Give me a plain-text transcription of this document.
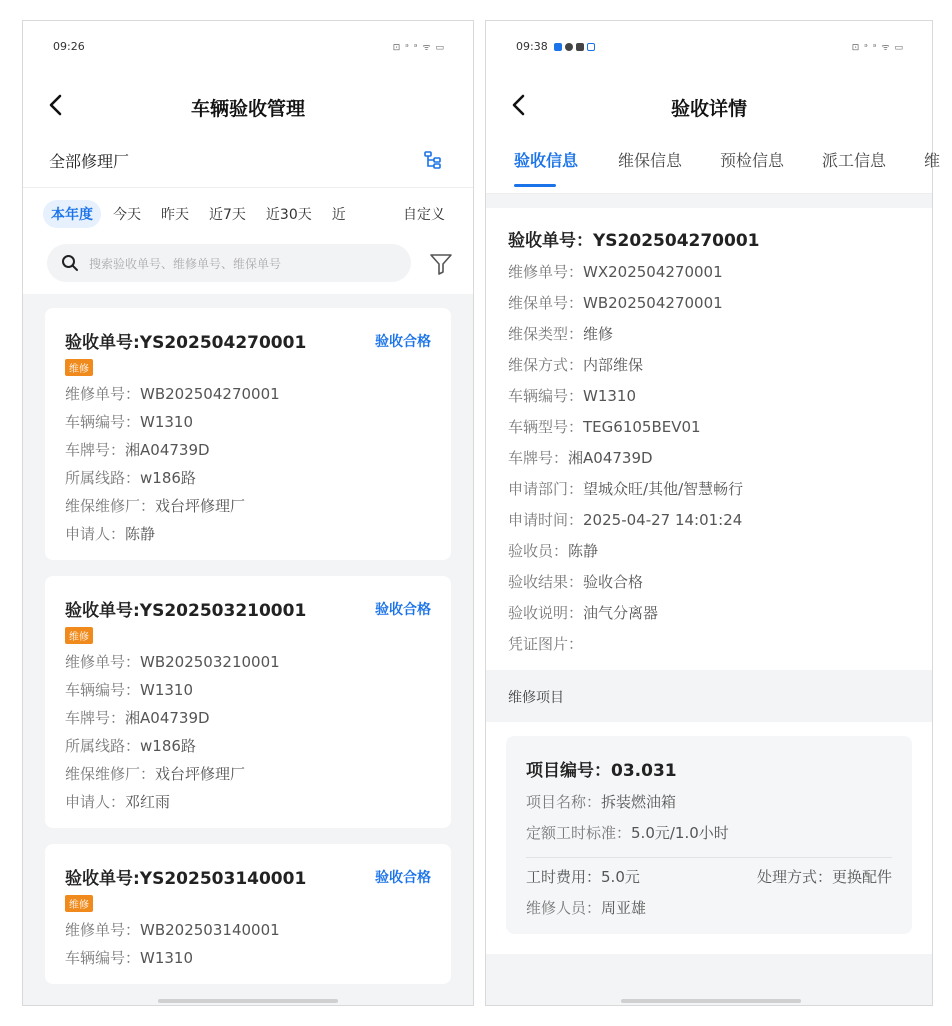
09:26	⊡ ᵊ ᵊ ᯤ ▭
车辆验收管理
全部修理厂
本年度	今天	昨天	近7天	近30天	近	自定义
搜索验收单号、维修单号、维保单号
验收单号:YS202504270001	验收合格
维修
维修单号：WB202504270001
车辆编号：W1310
车牌号：湘A04739D
所属线路：w186路
维保维修厂：戏台坪修理厂
申请人：陈静
验收单号:YS202503210001	验收合格
维修
维修单号：WB202503210001
车辆编号：W1310
车牌号：湘A04739D
所属线路：w186路
维保维修厂：戏台坪修理厂
申请人：邓红雨
验收单号:YS202503140001	验收合格
维修
维修单号：WB202503140001
车辆编号：W1310
09:38	⊡ ᵊ ᵊ ᯤ ▭
验收详情
验收信息 维保信息 预检信息 派工信息 维
验收单号：YS202504270001
维修单号：WX202504270001
维保单号：WB202504270001
维保类型：维修
维保方式：内部维保
车辆编号：W1310
车辆型号：TEG6105BEV01
车牌号：湘A04739D
申请部门：望城众旺/其他/智慧畅行
申请时间：2025-04-27 14:01:24
验收员：陈静
验收结果：验收合格
验收说明：油气分离器
凭证图片：
维修项目
项目编号：03.031
项目名称：拆装燃油箱
定额工时标准：5.0元/1.0小时
工时费用：5.0元	处理方式：更换配件
维修人员：周亚雄
